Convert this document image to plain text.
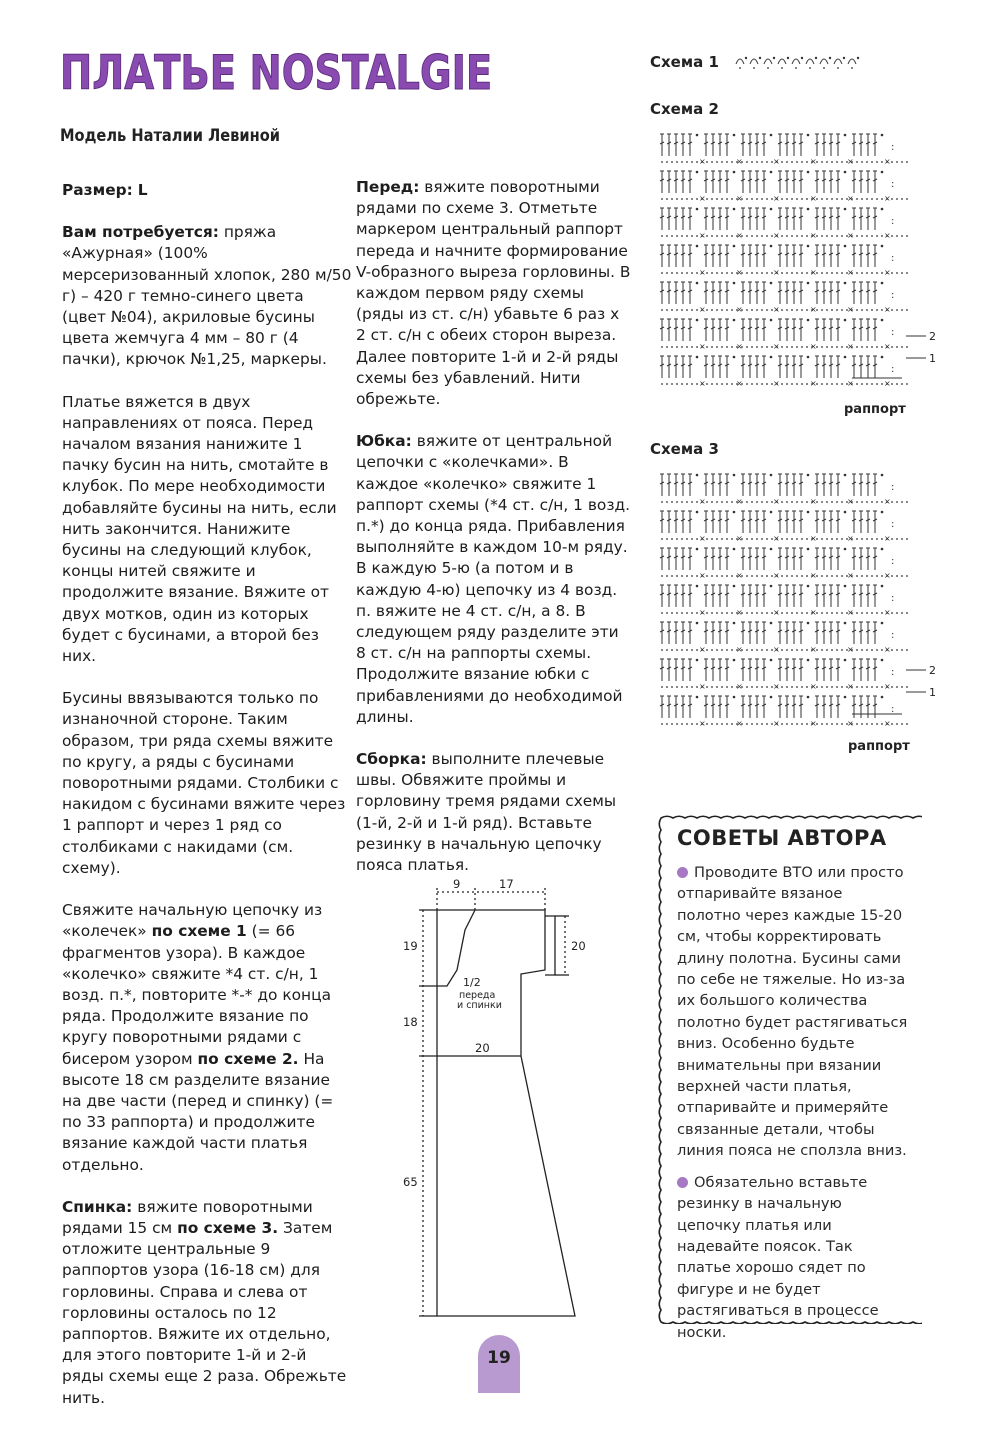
ПЛАТЬЕ NOSTALGIE
Модель Наталии Левиной

Размер: L

Вам потребуется: пряжа «Ажурная» (100% мерсеризованный хлопок, 280 м/50 г) – 420 г темно-синего цвета (цвет №04), акриловые бусины цвета жемчуга 4 мм – 80 г (4 пачки), крючок №1,25, маркеры.

Платье вяжется в двух направлениях от пояса. Перед началом вязания нанижите 1 пачку бусин на нить, смотайте в клубок. По мере необходимости добавляйте бусины на нить, если нить закончится. Нанижите бусины на следующий клубок, концы нитей свяжите и продолжите вязание. Вяжите от двух мотков, один из которых будет с бусинами, а второй без них.

Бусины ввязываются только по изнаночной стороне. Таким образом, три ряда схемы вяжите по кругу, а ряды с бусинами поворотными рядами. Столбики с накидом с бусинами вяжите через 1 раппорт и через 1 ряд со столбиками с накидами (см. схему).

Свяжите начальную цепочку из «колечек» по схеме 1 (= 66 фрагментов узора). В каждое «колечко» свяжите *4 ст. с/н, 1 возд. п.*, повторите *-* до конца ряда. Продолжите вязание по кругу поворотными рядами с бисером узором по схеме 2. На высоте 18 см разделите вязание на две части (перед и спинку) (= по 33 раппорта) и продолжите вязание каждой части платья отдельно.

Спинка: вяжите поворотными рядами 15 см по схеме 3. Затем отложите центральные 9 раппортов узора (16-18 см) для горловины. Справа и слева от горловины осталось по 12 раппортов. Вяжите их отдельно, для этого повторите 1-й и 2-й ряды схемы еще 2 раза. Обрежьте нить.

Перед: вяжите поворотными рядами по схеме 3. Отметьте маркером центральный раппорт переда и начните формирование V-образного выреза горловины. В каждом первом ряду схемы (ряды из ст. с/н) убавьте 6 раз х 2 ст. с/н с обеих сторон выреза. Далее повторите 1-й и 2-й ряды схемы без убавлений. Нити обрежьте.

Юбка: вяжите от центральной цепочки с «колечками». В каждое «колечко» свяжите 1 раппорт схемы (*4 ст. с/н, 1 возд. п.*) до конца ряда. Прибавления выполняйте в каждом 10-м ряду. В каждую 5-ю (а потом и в каждую 4-ю) цепочку из 4 возд. п. вяжите не 4 ст. с/н, а 8. В следующем ряду разделите эти 8 ст. с/н на раппорты схемы. Продолжите вязание юбки с прибавлениями до необходимой длины.

Сборка: выполните плечевые швы. Обвяжите проймы и горловину тремя рядами схемы (1-й, 2-й и 1-й ряд). Вставьте резинку в начальную цепочку пояса платья.

9	17
19
18
65
20
20
1/2
переда
и спинки
Схема 1
Схема 2
×	×	×	×	×	×
:
×	×	×	×	×	×
:
×	×	×	×	×	×
:
×	×	×	×	×	×
:
×	×	×	×	×	×
:
×	×	×	×	×	×
:
×	×	×	×	×	×
:
2
1
раппорт
Схема 3
×	×	×	×	×	×
:
×	×	×	×	×	×
:
×	×	×	×	×	×
:
×	×	×	×	×	×
:
×	×	×	×	×	×
:
×	×	×	×	×	×
:
×	×	×	×	×	×
:
2
1
раппорт
СОВЕТЫ АВТОРА

Проводите ВТО или просто отпаривайте вязаное полотно через каждые 15-20 см, чтобы корректировать длину полотна. Бусины сами по себе не тяжелые. Но из-за их большого количества полотно будет растягиваться вниз. Особенно будьте внимательны при вязании верхней части платья, отпаривайте и примеряйте связанные детали, чтобы линия пояса не сползла вниз.

Обязательно вставьте резинку в начальную цепочку платья или надевайте поясок. Так платье хорошо сядет по фигуре и не будет растягиваться в процессе носки.

19
